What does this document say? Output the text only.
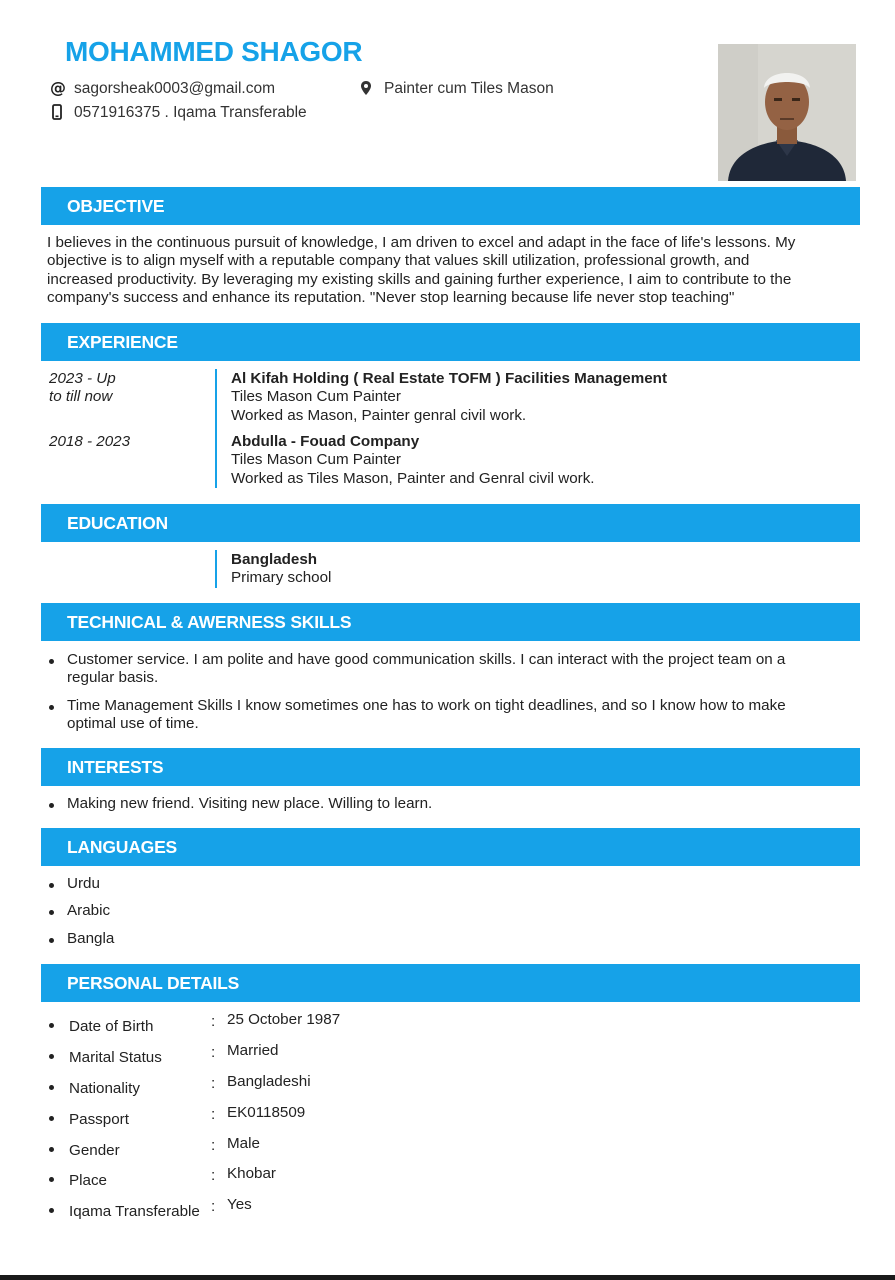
MOHAMMED SHAGOR
@ sagorsheak0003@gmail.com
0571916375 . Iqama Transferable
Painter cum Tiles Mason
OBJECTIVE
I believes in the continuous pursuit of knowledge, I am driven to excel and adapt in the face of life's lessons. My
objective is to align myself with a reputable company that values skill utilization, professional growth, and
increased productivity. By leveraging my existing skills and gaining further experience, I aim to contribute to the
company's success and enhance its reputation. "Never stop learning because life never stop teaching"
EXPERIENCE
2023 - Up
to till now
Al Kifah Holding ( Real Estate TOFM ) Facilities Management
Tiles Mason Cum Painter
Worked as Mason, Painter genral civil work.
2018 - 2023	Abdulla - Fouad Company
Tiles Mason Cum Painter
Worked as Tiles Mason, Painter and Genral civil work.
EDUCATION
Bangladesh
Primary school
TECHNICAL & AWERNESS SKILLS
Customer service. I am polite and have good communication skills. I can interact with the project team on a
regular basis.
Time Management Skills I know sometimes one has to work on tight deadlines, and so I know how to make
optimal use of time.
INTERESTS
Making new friend. Visiting new place. Willing to learn.
LANGUAGES
Urdu
Arabic
Bangla
PERSONAL DETAILS
Date of Birth	: 25 October 1987
Marital Status	: Married
Nationality	: Bangladeshi
Passport	: EK0118509
Gender	: Male
Place	: Khobar
Iqama Transferable : Yes
